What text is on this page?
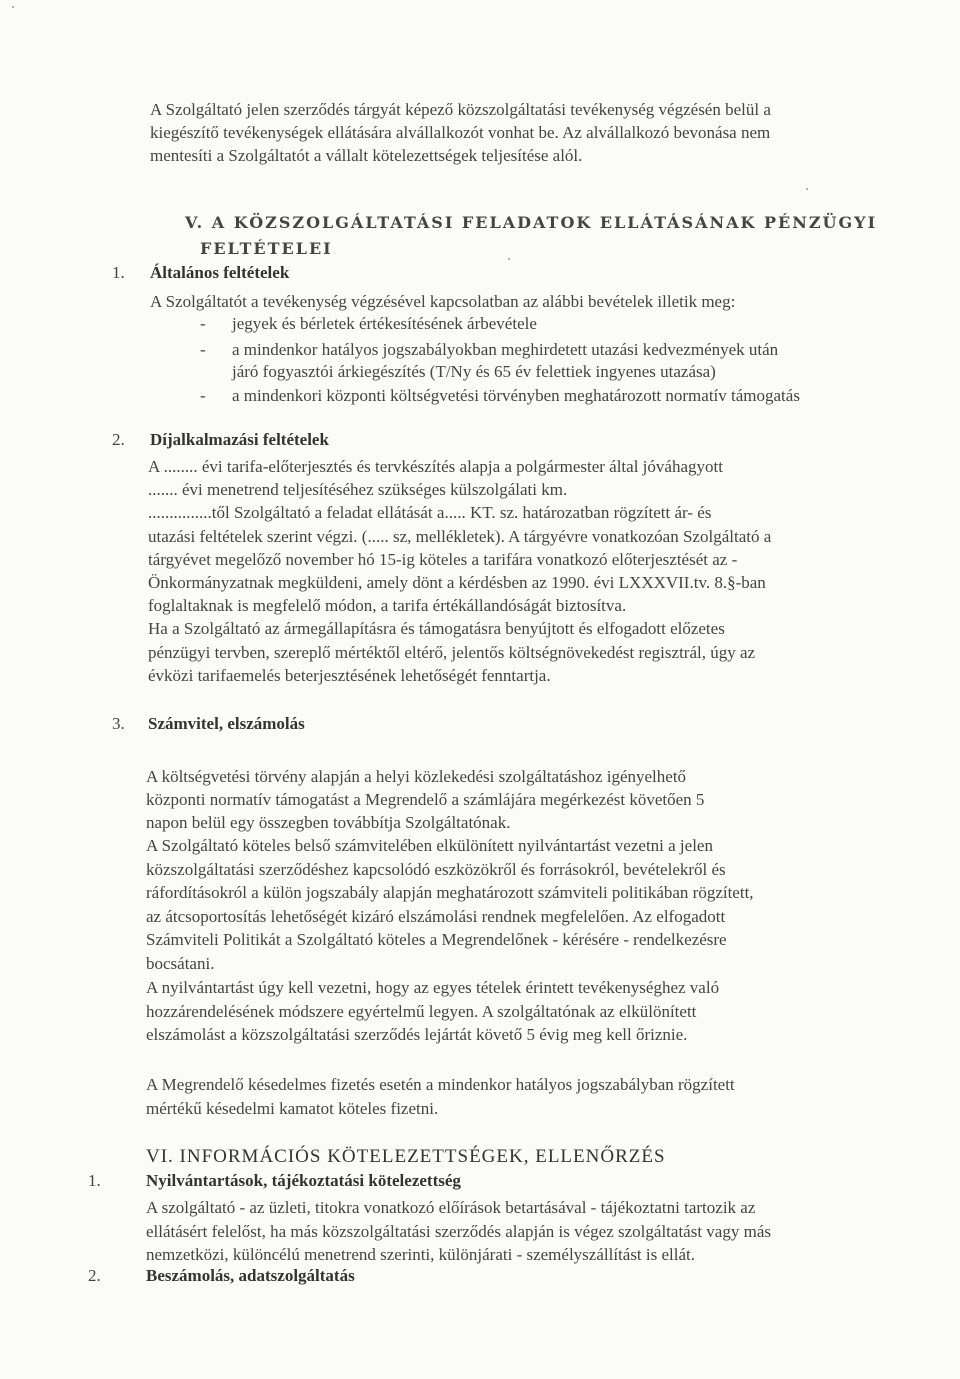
A Szolgáltató jelen szerződés tárgyát képező közszolgáltatási tevékenység végzésén belül a

kiegészítő tevékenységek ellátására alvállalkozót vonhat be. Az alvállalkozó bevonása nem

mentesíti a Szolgáltatót a vállalt kötelezettségek teljesítése alól.

V. A KÖZSZOLGÁLTATÁSI FELADATOK ELLÁTÁSÁNAK PÉNZÜGYI
FELTÉTELEI
1. Általános feltételek
A Szolgáltatót a tevékenység végzésével kapcsolatban az alábbi bevételek illetik meg:
- jegyek és bérletek értékesítésének árbevétele
- a mindenkor hatályos jogszabályokban meghirdetett utazási kedvezmények után
járó fogyasztói árkiegészítés (T/Ny és 65 év felettiek ingyenes utazása)
- a mindenkori központi költségvetési törvényben meghatározott normatív támogatás
2. Díjalkalmazási feltételek

A ........ évi tarifa-előterjesztés és tervkészítés alapja a polgármester által jóváhagyott

....... évi menetrend teljesítéséhez szükséges külszolgálati km.

...............től Szolgáltató a feladat ellátását a..... KT. sz. határozatban rögzített ár- és

utazási feltételek szerint végzi. (..... sz, mellékletek). A tárgyévre vonatkozóan Szolgáltató a

tárgyévet megelőző november hó 15-ig köteles a tarifára vonatkozó előterjesztését az -

Önkormányzatnak megküldeni, amely dönt a kérdésben az 1990. évi LXXXVII.tv. 8.§-ban

foglaltaknak is megfelelő módon, a tarifa értékállandóságát biztosítva.

Ha a Szolgáltató az ármegállapításra és támogatásra benyújtott és elfogadott előzetes

pénzügyi tervben, szereplő mértéktől eltérő, jelentős költségnövekedést regisztrál, úgy az

évközi tarifaemelés beterjesztésének lehetőségét fenntartja.

3. Számvitel, elszámolás

A költségvetési törvény alapján a helyi közlekedési szolgáltatáshoz igényelhető

központi normatív támogatást a Megrendelő a számlájára megérkezést követően 5

napon belül egy összegben továbbítja Szolgáltatónak.

A Szolgáltató köteles belső számvitelében elkülönített nyilvántartást vezetni a jelen

közszolgáltatási szerződéshez kapcsolódó eszközökről és forrásokról, bevételekről és

ráfordításokról a külön jogszabály alapján meghatározott számviteli politikában rögzített,

az átcsoportosítás lehetőségét kizáró elszámolási rendnek megfelelően. Az elfogadott

Számviteli Politikát a Szolgáltató köteles a Megrendelőnek - kérésére - rendelkezésre

bocsátani.

A nyilvántartást úgy kell vezetni, hogy az egyes tételek érintett tevékenységhez való

hozzárendelésének módszere egyértelmű legyen. A szolgáltatónak az elkülönített

elszámolást a közszolgáltatási szerződés lejártát követő 5 évig meg kell őriznie.

A Megrendelő késedelmes fizetés esetén a mindenkor hatályos jogszabályban rögzített

mértékű késedelmi kamatot köteles fizetni.

VI. INFORMÁCIÓS KÖTELEZETTSÉGEK, ELLENŐRZÉS
1.	Nyilvántartások, tájékoztatási kötelezettség

A szolgáltató - az üzleti, titokra vonatkozó előírások betartásával - tájékoztatni tartozik az

ellátásért felelőst, ha más közszolgáltatási szerződés alapján is végez szolgáltatást vagy más

nemzetközi, különcélú menetrend szerinti, különjárati - személyszállítást is ellát.

2.	Beszámolás, adatszolgáltatás
